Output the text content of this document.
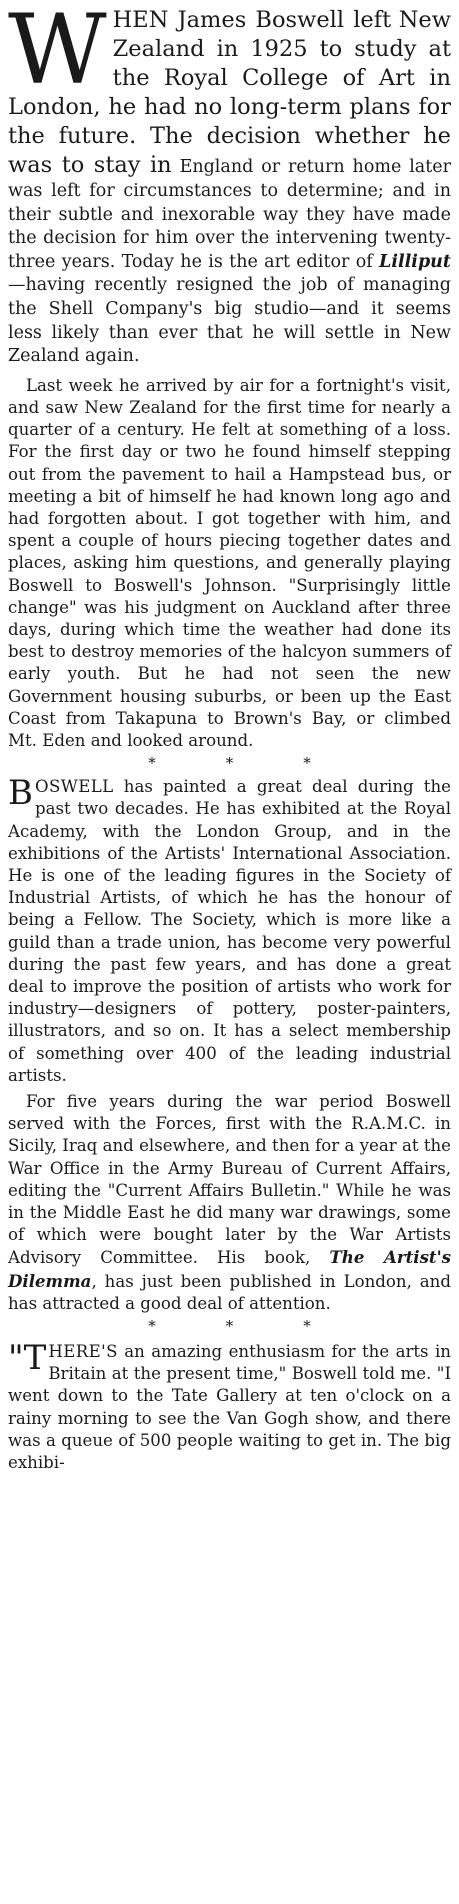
W HEN James Boswell left New Zealand in 1925 to study at the Royal College of Art in London, he had no long-term plans for the future. The decision whether he was to stay in England or return home later was left for circumstances to determine; and in their subtle and inexorable way they have made the decision for him over the intervening twenty-three years. Today he is the art editor of Lilliput—having recently resigned the job of managing the Shell Company's big studio—and it seems less likely than ever that he will settle in New Zealand again.

Last week he arrived by air for a fortnight's visit, and saw New Zealand for the first time for nearly a quarter of a century. He felt at something of a loss. For the first day or two he found himself stepping out from the pavement to hail a Hampstead bus, or meeting a bit of himself he had known long ago and had forgotten about. I got together with him, and spent a couple of hours piecing together dates and places, asking him questions, and generally playing Boswell to Boswell's Johnson. "Surprisingly little change" was his judgment on Auckland after three days, during which time the weather had done its best to destroy memories of the halcyon summers of early youth. But he had not seen the new Government housing suburbs, or been up the East Coast from Takapuna to Brown's Bay, or climbed Mt. Eden and looked around.

*	*	*

BOSWELL has painted a great deal during the past two decades. He has exhibited at the Royal Academy, with the London Group, and in the exhibitions of the Artists' International Association. He is one of the leading figures in the Society of Industrial Artists, of which he has the honour of being a Fellow. The Society, which is more like a guild than a trade union, has become very powerful during the past few years, and has done a great deal to improve the position of artists who work for industry—designers of pottery, poster-painters, illustrators, and so on. It has a select membership of something over 400 of the leading industrial artists.

For five years during the war period Boswell served with the Forces, first with the R.A.M.C. in Sicily, Iraq and elsewhere, and then for a year at the War Office in the Army Bureau of Current Affairs, editing the "Current Affairs Bulletin." While he was in the Middle East he did many war drawings, some of which were bought later by the War Artists Advisory Committee. His book, The Artist's Dilemma, has just been published in London, and has attracted a good deal of attention.

*	*	*

"THERE'S an amazing enthusiasm for the arts in Britain at the present time," Boswell told me. "I went down to the Tate Gallery at ten o'clock on a rainy morning to see the Van Gogh show, and there was a queue of 500 people waiting to get in. The big exhibi-
